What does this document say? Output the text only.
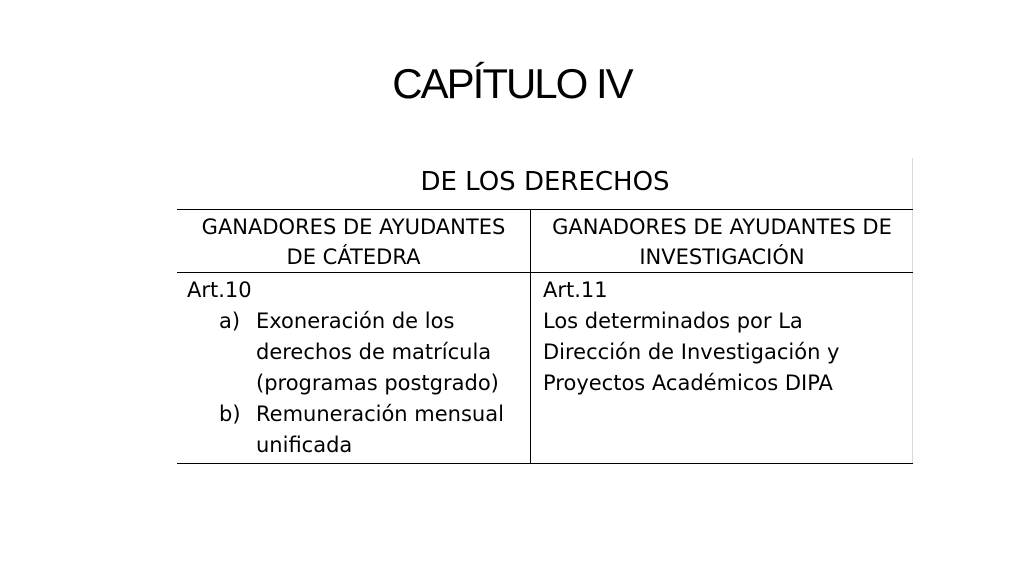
CAPÍTULO IV
DE LOS DERECHOS
GANADORES DE AYUDANTES
DE CÁTEDRA
GANADORES DE AYUDANTES DE
INVESTIGACIÓN
Art.10
a) Exoneración de los derechos de matrícula (programas postgrado)
b) Remuneración mensual unificada
Art.11
Los determinados por La Dirección de Investigación y Proyectos Académicos DIPA
